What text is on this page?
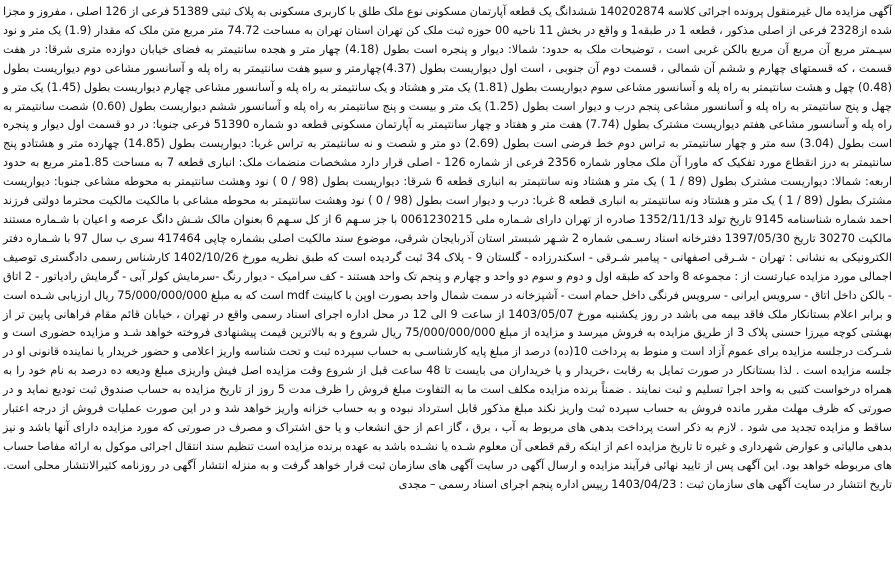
آگهی مزایده مال غیرمنقول پرونده اجرائی کلاسه 140202874 ششدانگ یک قطعه آپارتمان مسکونی نوع ملک طلق با کاربری مسکونی به پلاک ثبتی 51389 فرعی از 126 اصلی ، مفروز و مجزا شده از2328 فرعی از اصلی مذکور ، قطعه 1 در طبقه1 و واقع در بخش 11 ناحیه 00 حوزه ثبت ملک کن تهران استان تهران به مساحت 74.72 متر مربع متن ملک که مقدار (1.9) یک متر و نود سیـمتر مربع آن مربع آن مربع بالکن غربی است ، توضیحات ملک به حدود: شمالا: دیوار و پنجره است بطول (4.18) چهار متر و هجده سانتیمتر به فضای خیابان دوازده متری شرقا: در هفت قسمت ، که قسمتهای چهارم و ششم آن شمالی ، قسمت دوم آن جنوبی ، است اول دیواریست بطول (4.37)چهارمتر و سیو هفت سانتیمتر به راه پله و آسانسور مشاعی دوم دیواریست بطول (0.48) چهل و هشت سانتیمتر به راه پله و آسانسور مشاعی سوم دیواریست بطول (1.81) یک متر و هشتاد و یک سانتیمتر به راه پله و آسانسور مشاعی چهارم دیواریست بطول (1.45) یک متر و چهل و پنج سانتیمتر به راه پله و آسانسور مشاعی پنجم درب و دیوار است بطول (1.25) یک متر و بیست و پنج سانتیمتر به راه پله و آسانسور ششم دیواریست بطول (0.60) شصت سانتیمتر به راه پله و آسانسور مشاعی هفتم دیواریست مشترک بطول (7.74) هفت متر و هفتاد و چهار سانتیمتر به آپارتمان مسکونی قطعه دو شماره 51390 فرعی جنوبا: در دو قسمت اول دیوار و پنجره است بطول (3.04) سه متر و چهار سانتیمتر به تراس دوم خط فرضی است بطول (2.69) دو متر و شصت و نه سانتیمتر به تراس غربا: دیواریست بطول (14.85) چهارده متر و هشتادو پنج سانتیمتر به درز انقطاع مورد تفکیک که ماورا آن ملک مجاور شماره 2356 فرعی از شماره 126 - اصلی قرار دارد مشخصات منضمات ملک: انباری قطعه 7 به مساحت 1.85متر مربع به حدود اربعه: شمالا: دیواریست مشترک بطول (89 / 1 ) یک متر و هشتاد ونه سانتیمتر به انباری قطعه 6 شرقا: دیواریست بطول (98 / 0 ) نود وهشت سانتیمتر به محوطه مشاعی جنوبا: دیواریست مشترک بطول (89 / 1 ) یک متر و هشتاد ونه سانتیمتر به انباری قطعه 8 غربا: درب و دیوار است بطول (98 / 0 ) نود وهشت سانتیمتر به محوطه مشاعی با مالکیت مالکیت محترما دولتی فرزند احمد شماره شناسنامه 9145 تاریخ تولد 1352/11/13 صادره از تهران دارای شـماره ملی 0061230215 با جز سـهم 6 از کل سـهم 6 بعنوان مالک شـش دانگ عرصه و اعیان با شـماره مستند مالکیت 30270 تاریخ 1397/05/30 دفترخانه اسناد رسـمی شماره 2 شـهر شبستر استان آذربایجان شرقی، موضوع سند مالکیت اصلی بشماره چاپی 417464 سری ب سال 97 با شـماره دفتر الکترونیکی به نشانی : تهران - شـرقی اصفهانی - پیامبر شـرقی - اسکندرزاده - گلستان 9 - پلاک 34 ثبت گردیده است که طبق نظریه مورخ 1402/10/26 کارشناس رسمی دادگستری توصیف اجمالی مورد مزایده عبارتست از : مجموعه 8 واحد که طبقه اول و دوم و سوم دو واحد و چهارم و پنجم تک واحد هستند - کف سرامیک - دیوار رنگ -سرمایش کولر آبی - گرمایش رادیاتور - 2 اتاق - بالکن داخل اتاق - سرویس ایرانی - سرویس فرنگی داخل حمام است - آشپزخانه در سمت شمال واحد بصورت اوپن با کابینت mdf است که به مبلغ 75/000/000/000 ریال ارزیابی شـده است و برابر اعلام بستانکار ملک فاقد بیمه می باشد در روز یکشنبه مورخ 1403/05/07 از ساعت 9 الی 12 در محل اداره اجرای اسناد رسمی واقع در تهران ، خیابان قائم مقام فراهانی پایین تر از بهشتی کوچه میرزا حسنی پلاک 3 از طریق مزایده به فروش میرسد و مزایده از مبلغ 75/000/000/000 ریال شروع و به بالاترین قیمت پیشنهادی فروخته خواهد شـد و مزایده حضوری است و شـرکت درجلسه مزایده برای عموم آزاد است و منوط به پرداخت 10(ده) درصد از مبلغ پایه کارشناسـی به حساب سپرده ثبت و تحت شناسه واریز اعلامی و حضور خریدار یا نماینده قانونی او در جلسه مزایده است . لذا بستانکار در صورت تمایل به رقابت ،خریدار و یا خریداران می بایست تا 48 ساعت قبل از شروع وقت مزایده اصل فیش واریزی مبلغ ودیعه ده درصد به نام خود را به همراه درخواست کتبی به واحد اجرا تسلیم و ثبت نمایند . ضمناً برنده مزایده مکلف است ما به التفاوت مبلغ فروش را ظرف مدت 5 روز از تاریخ مزایده به حساب صندوق ثبت تودیع نماید و در صورتی که ظرف مهلت مقرر مانده فروش به حساب سپرده ثبت واریز نکند مبلغ مذکور قابل استرداد نبوده و به حساب خزانه واریز خواهد شد و در این صورت عملیات فروش از درجه اعتبار ساقط و مزایده تجدید می شود . لازم به ذکر است پرداخت بدهی های مربوط به آب ، برق ، گاز اعم از حق انشعاب و یا حق اشتراک و مصرف در صورتی که مورد مزایده دارای آنها باشد و نیز بدهی مالیاتی و عوارض شهرداری و غیره تا تاریخ مزایده اعم از اینکه رقم قطعی آن معلوم شـده یا نشـده باشد به عهده برنده مزایده است تنظیم سند انتقال اجرائی موکول به ارائه مفاصا حساب های مربوطه خواهد بود. این آگهی پس از تایید نهائی فرآیند مزایده و ارسال آگهی در سایت آگهی های سازمان ثبت قرار خواهد گرفت و به منزله انتشار آگهی در روزنامه کثیرالانتشار محلی است. تاریخ انتشار در سایت آگهی های سازمان ثبت : 1403/04/23 رییس اداره پنجم اجرای اسناد رسمی – مجدی
